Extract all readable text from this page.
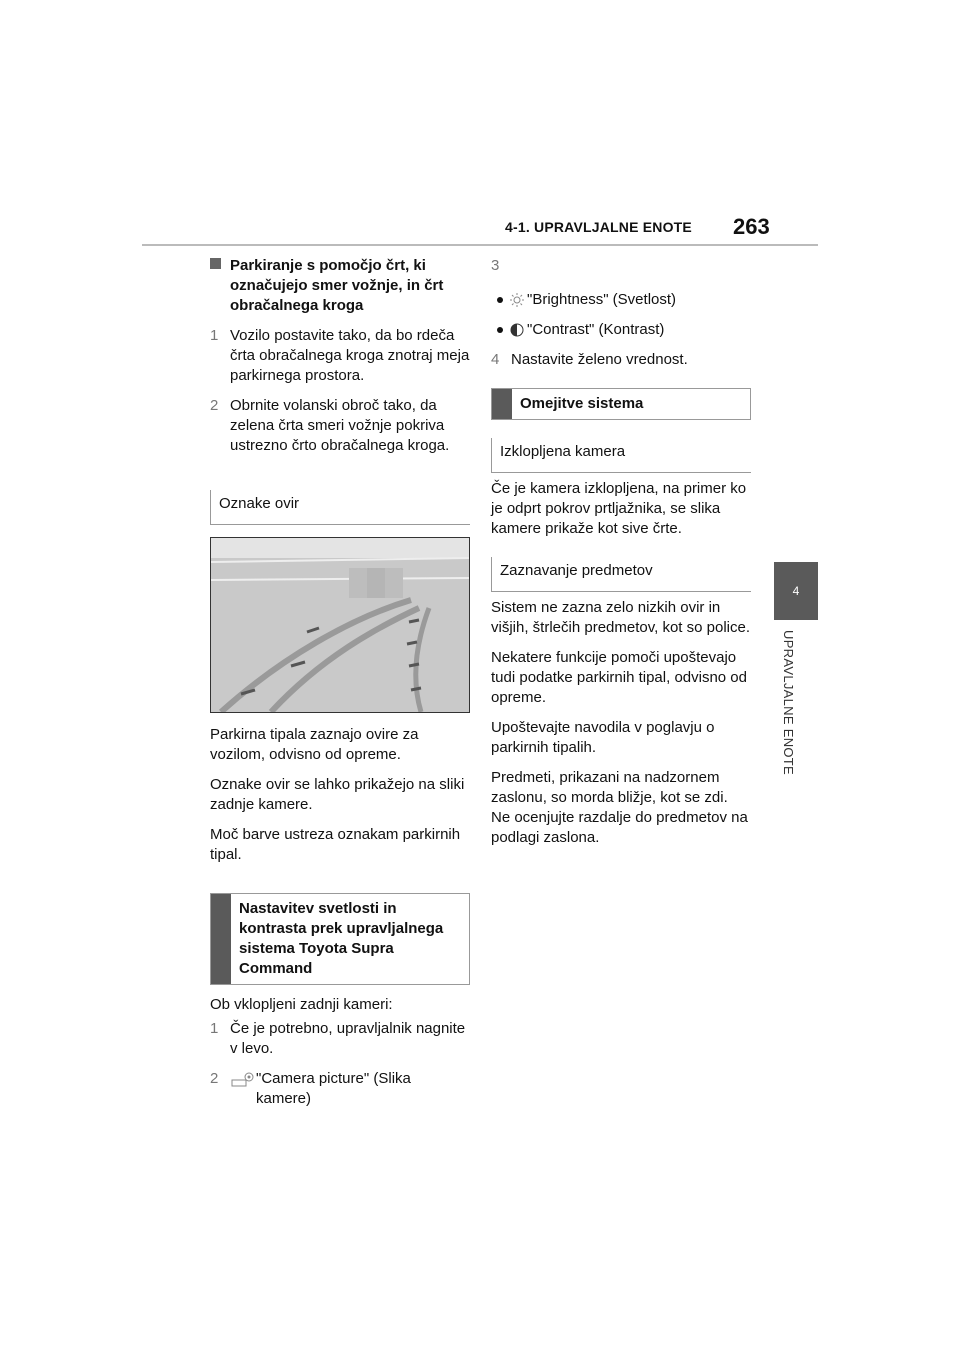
4-1. UPRAVLJALNE ENOTE 263
4
UPRAVLJALNE ENOTE
Parkiranje s pomočjo črt, ki označujejo smer vožnje, in črt obračalnega kroga
1 Vozilo postavite tako, da bo rdeča črta obračalnega kroga znotraj meja parkirnega prostora.
2 Obrnite volanski obroč tako, da zelena črta smeri vožnje pokriva ustrezno črto obračalnega kroga.
Oznake ovir

Parkirna tipala zaznajo ovire za vozilom, odvisno od opreme.

Oznake ovir se lahko prikažejo na sliki zadnje kamere.

Moč barve ustreza oznakam parkirnih tipal.

Nastavitev svetlosti in kontrasta prek upravljalnega sistema Toyota Supra Command

Ob vklopljeni zadnji kameri:

1 Če je potrebno, upravljalnik nagnite v levo.
2	"Camera picture" (Slika kamere)
3
"Brightness" (Svetlost)
"Contrast" (Kontrast)
4 Nastavite želeno vrednost.
Omejitve sistema
Izklopljena kamera

Če je kamera izklopljena, na primer ko je odprt pokrov prtljažnika, se slika kamere prikaže kot sive črte.

Zaznavanje predmetov

Sistem ne zazna zelo nizkih ovir in višjih, štrlečih predmetov, kot so police.

Nekatere funkcije pomoči upoštevajo tudi podatke parkirnih tipal, odvisno od opreme.

Upoštevajte navodila v poglavju o parkirnih tipalih.

Predmeti, prikazani na nadzornem zaslonu, so morda bližje, kot se zdi. Ne ocenjujte razdalje do predmetov na podlagi zaslona.
